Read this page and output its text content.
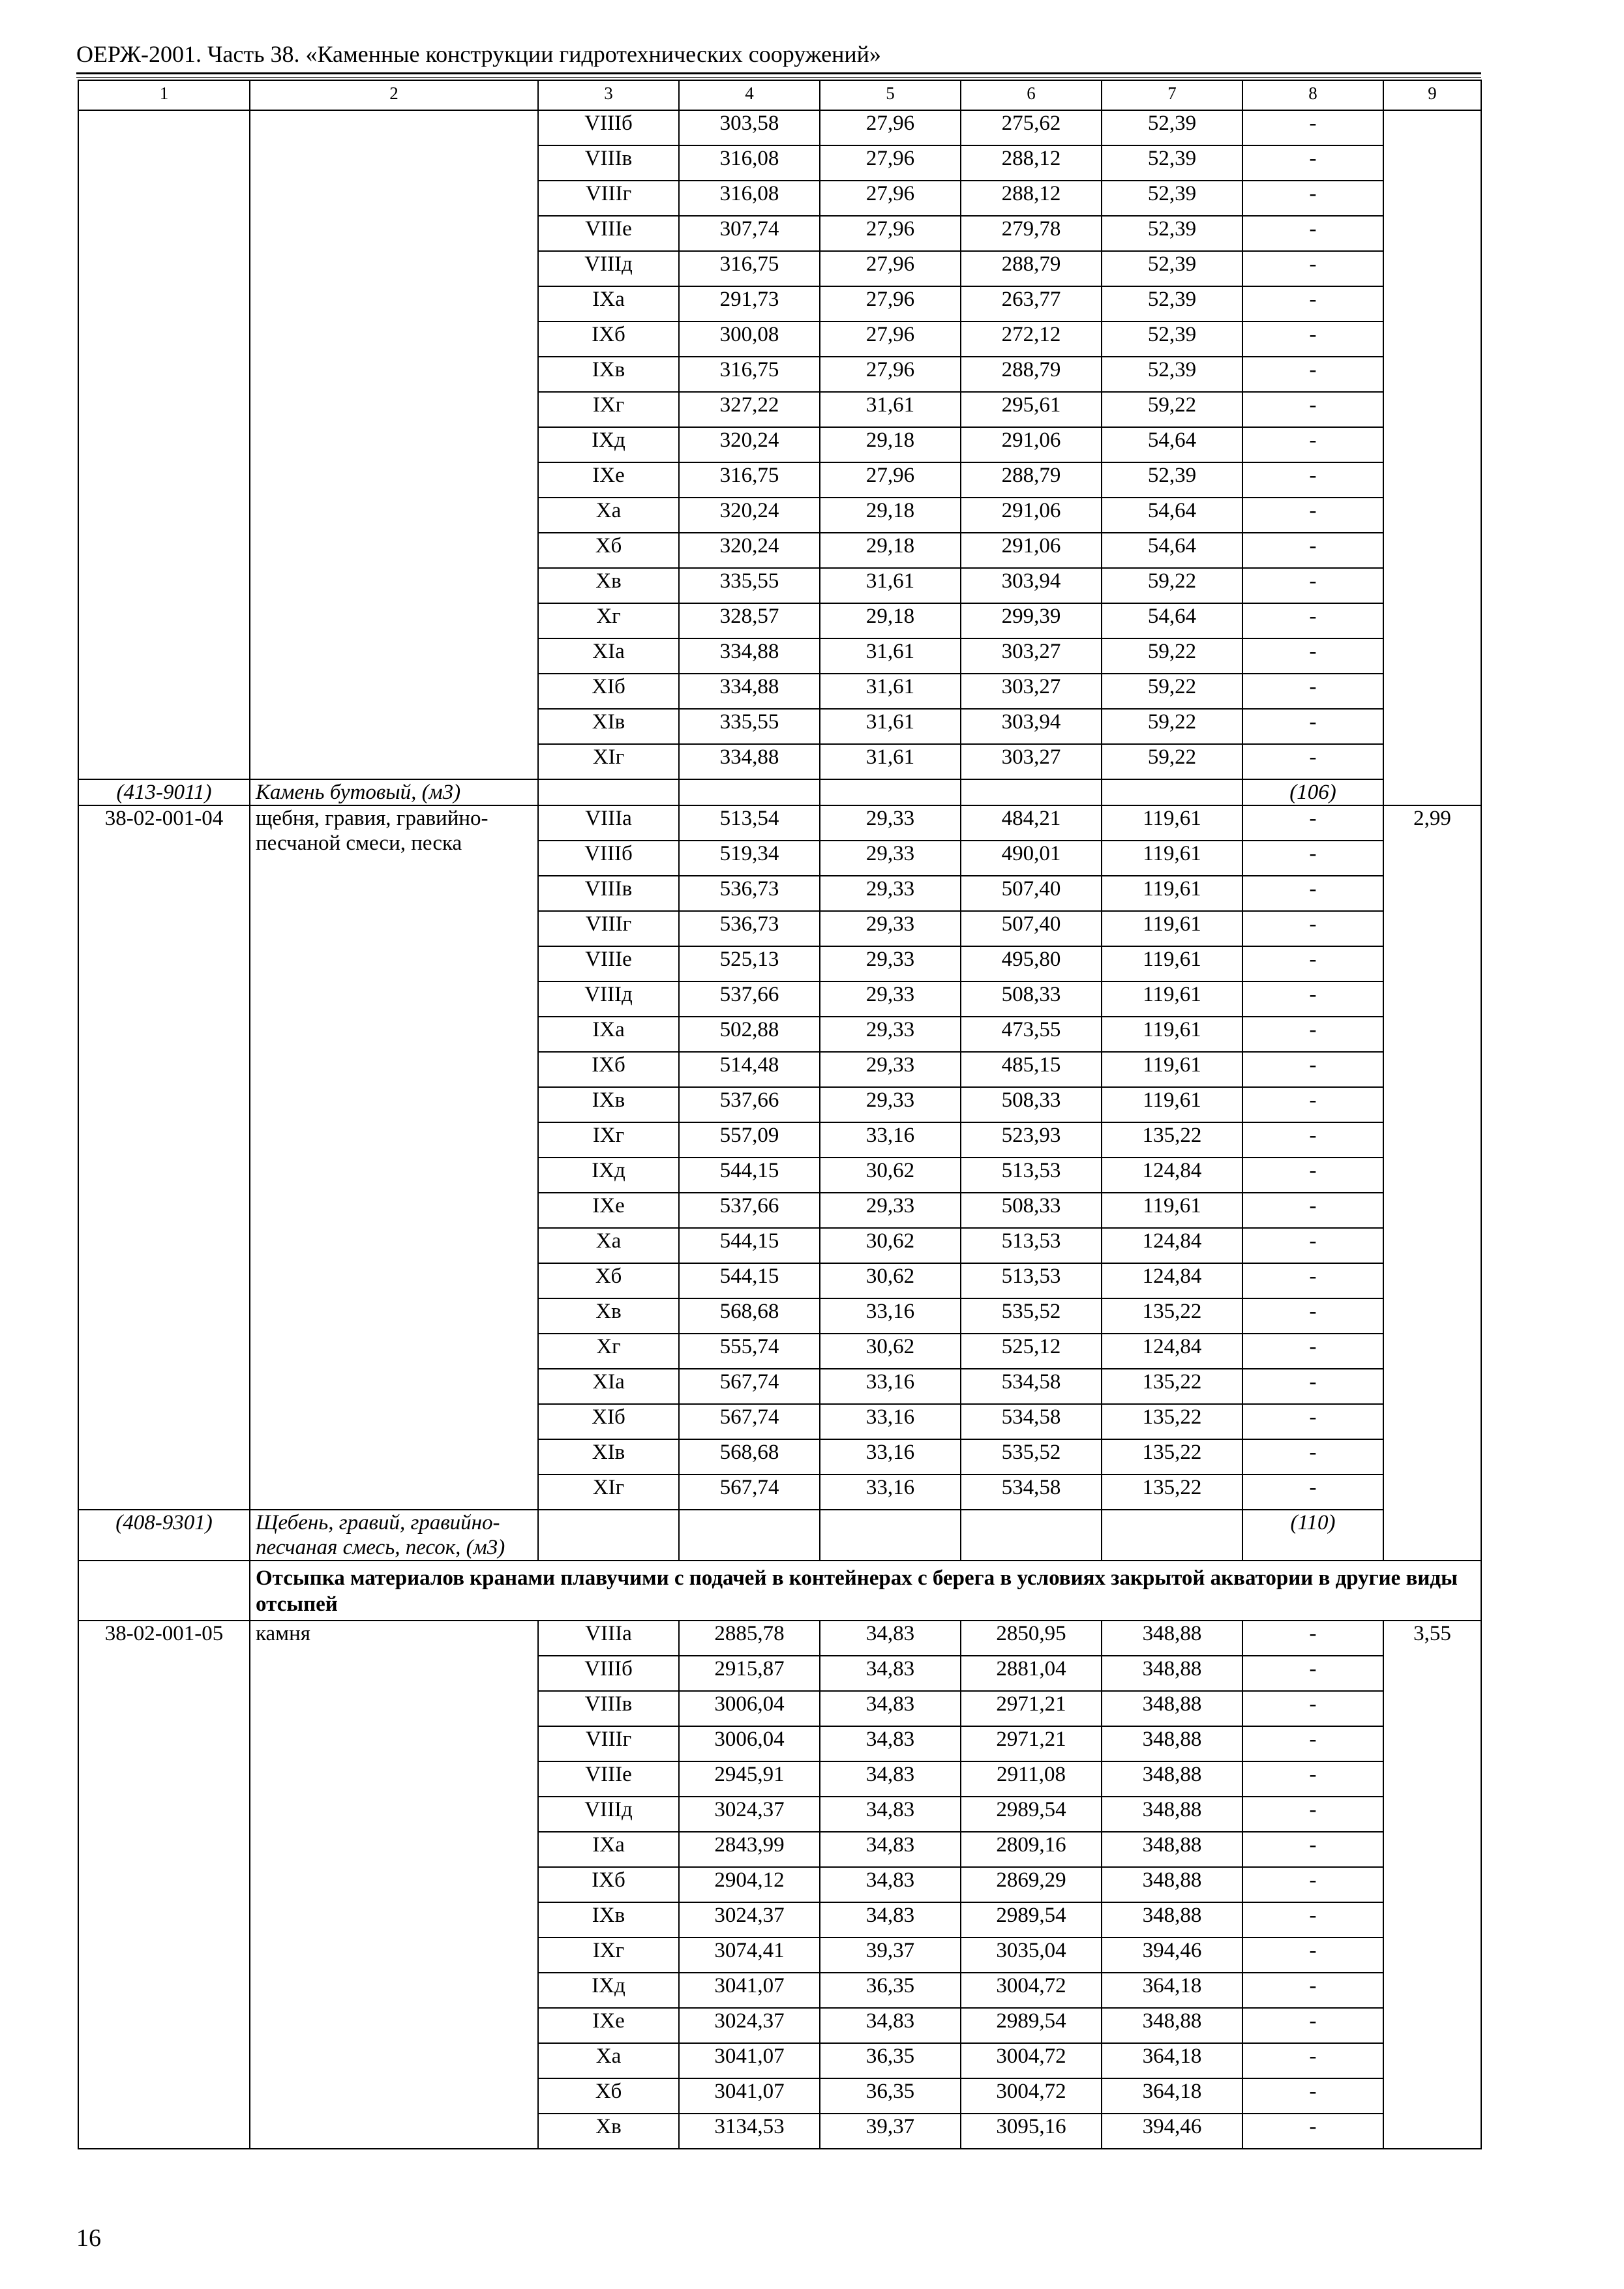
ОЕРЖ-2001. Часть 38. «Каменные конструкции гидротехнических сооружений»
1	2	3	4	5	6	7	8	9
		VIIIб	303,58	27,96	275,62	52,39	-	
		VIIIв	316,08	27,96	288,12	52,39	-	
		VIIIг	316,08	27,96	288,12	52,39	-	
		VIIIе	307,74	27,96	279,78	52,39	-	
		VIIIд	316,75	27,96	288,79	52,39	-	
		IXа	291,73	27,96	263,77	52,39	-	
		IXб	300,08	27,96	272,12	52,39	-	
		IXв	316,75	27,96	288,79	52,39	-	
		IXг	327,22	31,61	295,61	59,22	-	
		IXд	320,24	29,18	291,06	54,64	-	
		IXе	316,75	27,96	288,79	52,39	-	
		Xа	320,24	29,18	291,06	54,64	-	
		Xб	320,24	29,18	291,06	54,64	-	
		Xв	335,55	31,61	303,94	59,22	-	
		Xг	328,57	29,18	299,39	54,64	-	
		XIа	334,88	31,61	303,27	59,22	-	
		XIб	334,88	31,61	303,27	59,22	-	
		XIв	335,55	31,61	303,94	59,22	-	
		XIг	334,88	31,61	303,27	59,22	-	
(413-9011)	Камень бутовый, (м3)						(106)	
38-02-001-04	щебня, гравия, гравийно-песчаной смеси, песка	VIIIа	513,54	29,33	484,21	119,61	-	2,99
		VIIIб	519,34	29,33	490,01	119,61	-	
		VIIIв	536,73	29,33	507,40	119,61	-	
		VIIIг	536,73	29,33	507,40	119,61	-	
		VIIIе	525,13	29,33	495,80	119,61	-	
		VIIIд	537,66	29,33	508,33	119,61	-	
		IXа	502,88	29,33	473,55	119,61	-	
		IXб	514,48	29,33	485,15	119,61	-	
		IXв	537,66	29,33	508,33	119,61	-	
		IXг	557,09	33,16	523,93	135,22	-	
		IXд	544,15	30,62	513,53	124,84	-	
		IXе	537,66	29,33	508,33	119,61	-	
		Xа	544,15	30,62	513,53	124,84	-	
		Xб	544,15	30,62	513,53	124,84	-	
		Xв	568,68	33,16	535,52	135,22	-	
		Xг	555,74	30,62	525,12	124,84	-	
		XIа	567,74	33,16	534,58	135,22	-	
		XIб	567,74	33,16	534,58	135,22	-	
		XIв	568,68	33,16	535,52	135,22	-	
		XIг	567,74	33,16	534,58	135,22	-	
(408-9301)	Щебень, гравий, гравийно-песчаная смесь, песок, (м3)						(110)	
	Отсыпка материалов кранами плавучими с подачей в контейнерах с берега в условиях закрытой акватории в другие виды отсыпей							
38-02-001-05	камня	VIIIа	2885,78	34,83	2850,95	348,88	-	3,55
		VIIIб	2915,87	34,83	2881,04	348,88	-	
		VIIIв	3006,04	34,83	2971,21	348,88	-	
		VIIIг	3006,04	34,83	2971,21	348,88	-	
		VIIIе	2945,91	34,83	2911,08	348,88	-	
		VIIIд	3024,37	34,83	2989,54	348,88	-	
		IXа	2843,99	34,83	2809,16	348,88	-	
		IXб	2904,12	34,83	2869,29	348,88	-	
		IXв	3024,37	34,83	2989,54	348,88	-	
		IXг	3074,41	39,37	3035,04	394,46	-	
		IXд	3041,07	36,35	3004,72	364,18	-	
		IXе	3024,37	34,83	2989,54	348,88	-	
		Xа	3041,07	36,35	3004,72	364,18	-	
		Xб	3041,07	36,35	3004,72	364,18	-	
		Xв	3134,53	39,37	3095,16	394,46	-	
16
